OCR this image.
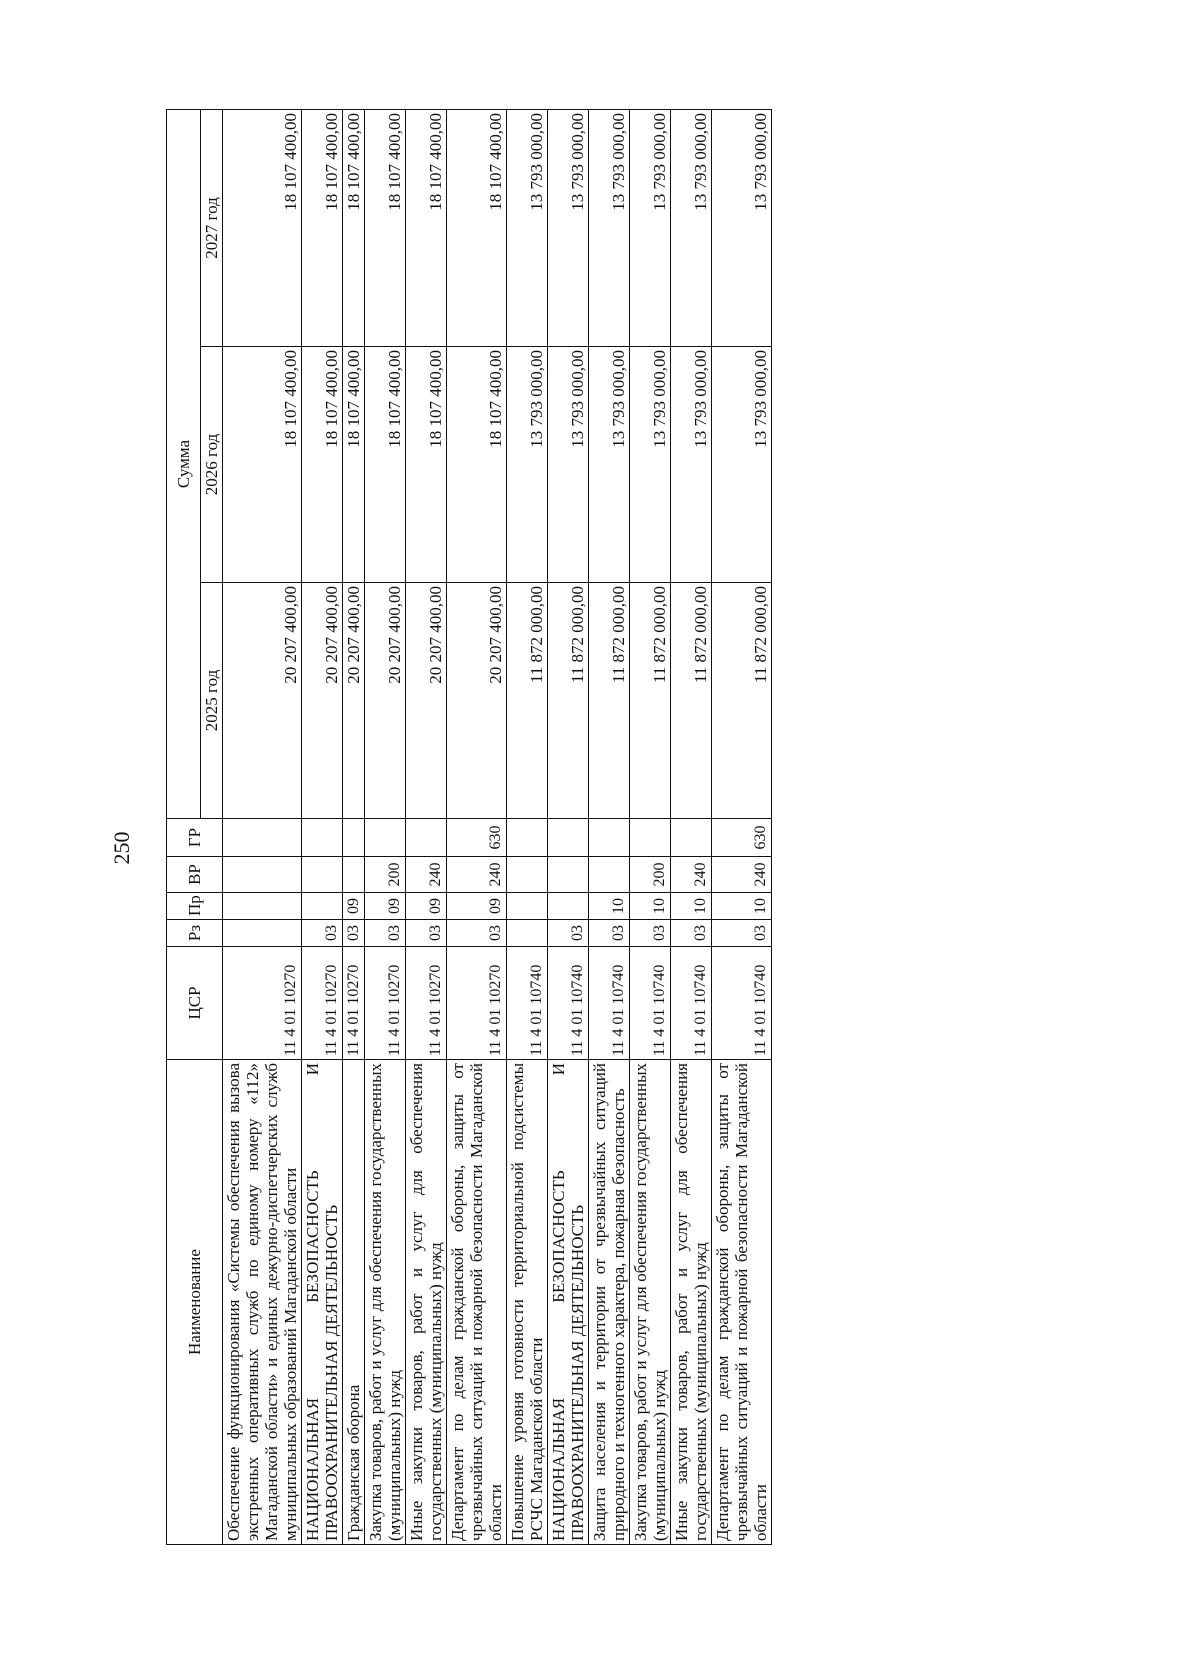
250
Наименование	ЦСР	Рз	Пр	ВР	ГР	Сумма		
						2025 год	2026 год	2027 год
Обеспечение функционирования «Системы обеспечения вызова экстренных оперативных служб по единому номеру «112» Магаданской области» и единых дежурно-диспетчерских служб муниципальных образований Магаданской области	11 4 01 10270					20 207 400,00	18 107 400,00	18 107 400,00
НАЦИОНАЛЬНАЯ БЕЗОПАСНОСТЬ И ПРАВООХРАНИТЕЛЬНАЯ ДЕЯТЕЛЬНОСТЬ	11 4 01 10270	03				20 207 400,00	18 107 400,00	18 107 400,00
Гражданская оборона	11 4 01 10270	03	09			20 207 400,00	18 107 400,00	18 107 400,00
Закупка товаров, работ и услуг для обеспечения государственных (муниципальных) нужд	11 4 01 10270	03	09	200		20 207 400,00	18 107 400,00	18 107 400,00
Иные закупки товаров, работ и услуг для обеспечения государственных (муниципальных) нужд	11 4 01 10270	03	09	240		20 207 400,00	18 107 400,00	18 107 400,00
Департамент по делам гражданской обороны, защиты от чрезвычайных ситуаций и пожарной безопасности Магаданской области	11 4 01 10270	03	09	240	630	20 207 400,00	18 107 400,00	18 107 400,00
Повышение уровня готовности территориальной подсистемы РСЧС Магаданской области	11 4 01 10740					11 872 000,00	13 793 000,00	13 793 000,00
НАЦИОНАЛЬНАЯ БЕЗОПАСНОСТЬ И ПРАВООХРАНИТЕЛЬНАЯ ДЕЯТЕЛЬНОСТЬ	11 4 01 10740	03				11 872 000,00	13 793 000,00	13 793 000,00
Защита населения и территории от чрезвычайных ситуаций природного и техногенного характера, пожарная безопасность	11 4 01 10740	03	10			11 872 000,00	13 793 000,00	13 793 000,00
Закупка товаров, работ и услуг для обеспечения государственных (муниципальных) нужд	11 4 01 10740	03	10	200		11 872 000,00	13 793 000,00	13 793 000,00
Иные закупки товаров, работ и услуг для обеспечения государственных (муниципальных) нужд	11 4 01 10740	03	10	240		11 872 000,00	13 793 000,00	13 793 000,00
Департамент по делам гражданской обороны, защиты от чрезвычайных ситуаций и пожарной безопасности Магаданской области	11 4 01 10740	03	10	240	630	11 872 000,00	13 793 000,00	13 793 000,00
